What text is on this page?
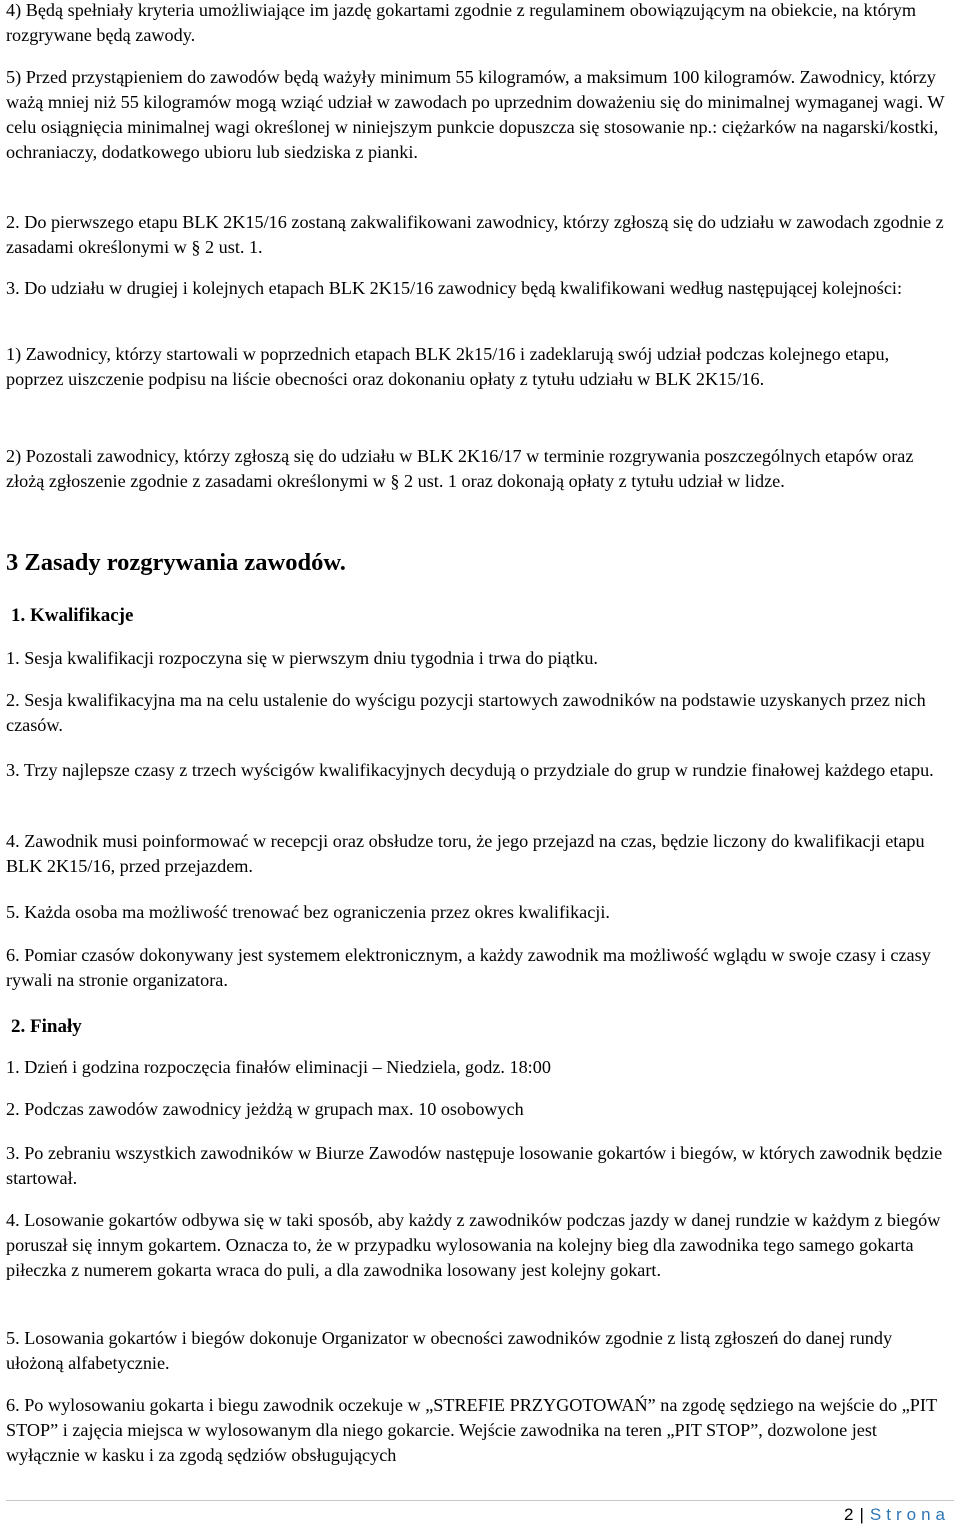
4) Będą spełniały kryteria umożliwiające im jazdę gokartami zgodnie z regulaminem obowiązującym na obiekcie, na którym rozgrywane będą zawody.

5) Przed przystąpieniem do zawodów będą ważyły minimum 55 kilogramów, a maksimum 100 kilogramów. Zawodnicy, którzy ważą mniej niż 55 kilogramów mogą wziąć udział w zawodach po uprzednim doważeniu się do minimalnej wymaganej wagi. W celu osiągnięcia minimalnej wagi określonej w niniejszym punkcie dopuszcza się stosowanie np.: ciężarków na nagarski/kostki, ochraniaczy, dodatkowego ubioru lub siedziska z pianki.

2. Do pierwszego etapu BLK 2K15/16 zostaną zakwalifikowani zawodnicy, którzy zgłoszą się do udziału w zawodach zgodnie z zasadami określonymi w § 2 ust. 1.

3. Do udziału w drugiej i kolejnych etapach BLK 2K15/16 zawodnicy będą kwalifikowani według następującej kolejności:

1) Zawodnicy, którzy startowali w poprzednich etapach BLK 2k15/16 i zadeklarują swój udział podczas kolejnego etapu, poprzez uiszczenie podpisu na liście obecności oraz dokonaniu opłaty z tytułu udziału w BLK 2K15/16.

2) Pozostali zawodnicy, którzy zgłoszą się do udziału w BLK 2K16/17 w terminie rozgrywania poszczególnych etapów oraz złożą zgłoszenie zgodnie z zasadami określonymi w § 2 ust. 1 oraz dokonają opłaty z tytułu udział w lidze.

3 Zasady rozgrywania zawodów.
1. Kwalifikacje

1. Sesja kwalifikacji rozpoczyna się w pierwszym dniu tygodnia i trwa do piątku.

2. Sesja kwalifikacyjna ma na celu ustalenie do wyścigu pozycji startowych zawodników na podstawie uzyskanych przez nich czasów.

3. Trzy najlepsze czasy z trzech wyścigów kwalifikacyjnych decydują o przydziale do grup w rundzie finałowej każdego etapu.

4. Zawodnik musi poinformować w recepcji oraz obsłudze toru, że jego przejazd na czas, będzie liczony do kwalifikacji etapu BLK 2K15/16, przed przejazdem.

5. Każda osoba ma możliwość trenować bez ograniczenia przez okres kwalifikacji.

6. Pomiar czasów dokonywany jest systemem elektronicznym, a każdy zawodnik ma możliwość wglądu w swoje czasy i czasy rywali na stronie organizatora.

2. Finały

1. Dzień i godzina rozpoczęcia finałów eliminacji – Niedziela, godz. 18:00

2. Podczas zawodów zawodnicy jeżdżą w grupach max. 10 osobowych

3. Po zebraniu wszystkich zawodników w Biurze Zawodów następuje losowanie gokartów i biegów, w których zawodnik będzie startował.

4. Losowanie gokartów odbywa się w taki sposób, aby każdy z zawodników podczas jazdy w danej rundzie w każdym z biegów poruszał się innym gokartem. Oznacza to, że w przypadku wylosowania na kolejny bieg dla zawodnika tego samego gokarta piłeczka z numerem gokarta wraca do puli, a dla zawodnika losowany jest kolejny gokart.

5. Losowania gokartów i biegów dokonuje Organizator w obecności zawodników zgodnie z listą zgłoszeń do danej rundy ułożoną alfabetycznie.

6. Po wylosowaniu gokarta i biegu zawodnik oczekuje w „STREFIE PRZYGOTOWAŃ” na zgodę sędziego na wejście do „PIT STOP” i zajęcia miejsca w wylosowanym dla niego gokarcie. Wejście zawodnika na teren „PIT STOP”, dozwolone jest wyłącznie w kasku i za zgodą sędziów obsługujących

2 | Strona
